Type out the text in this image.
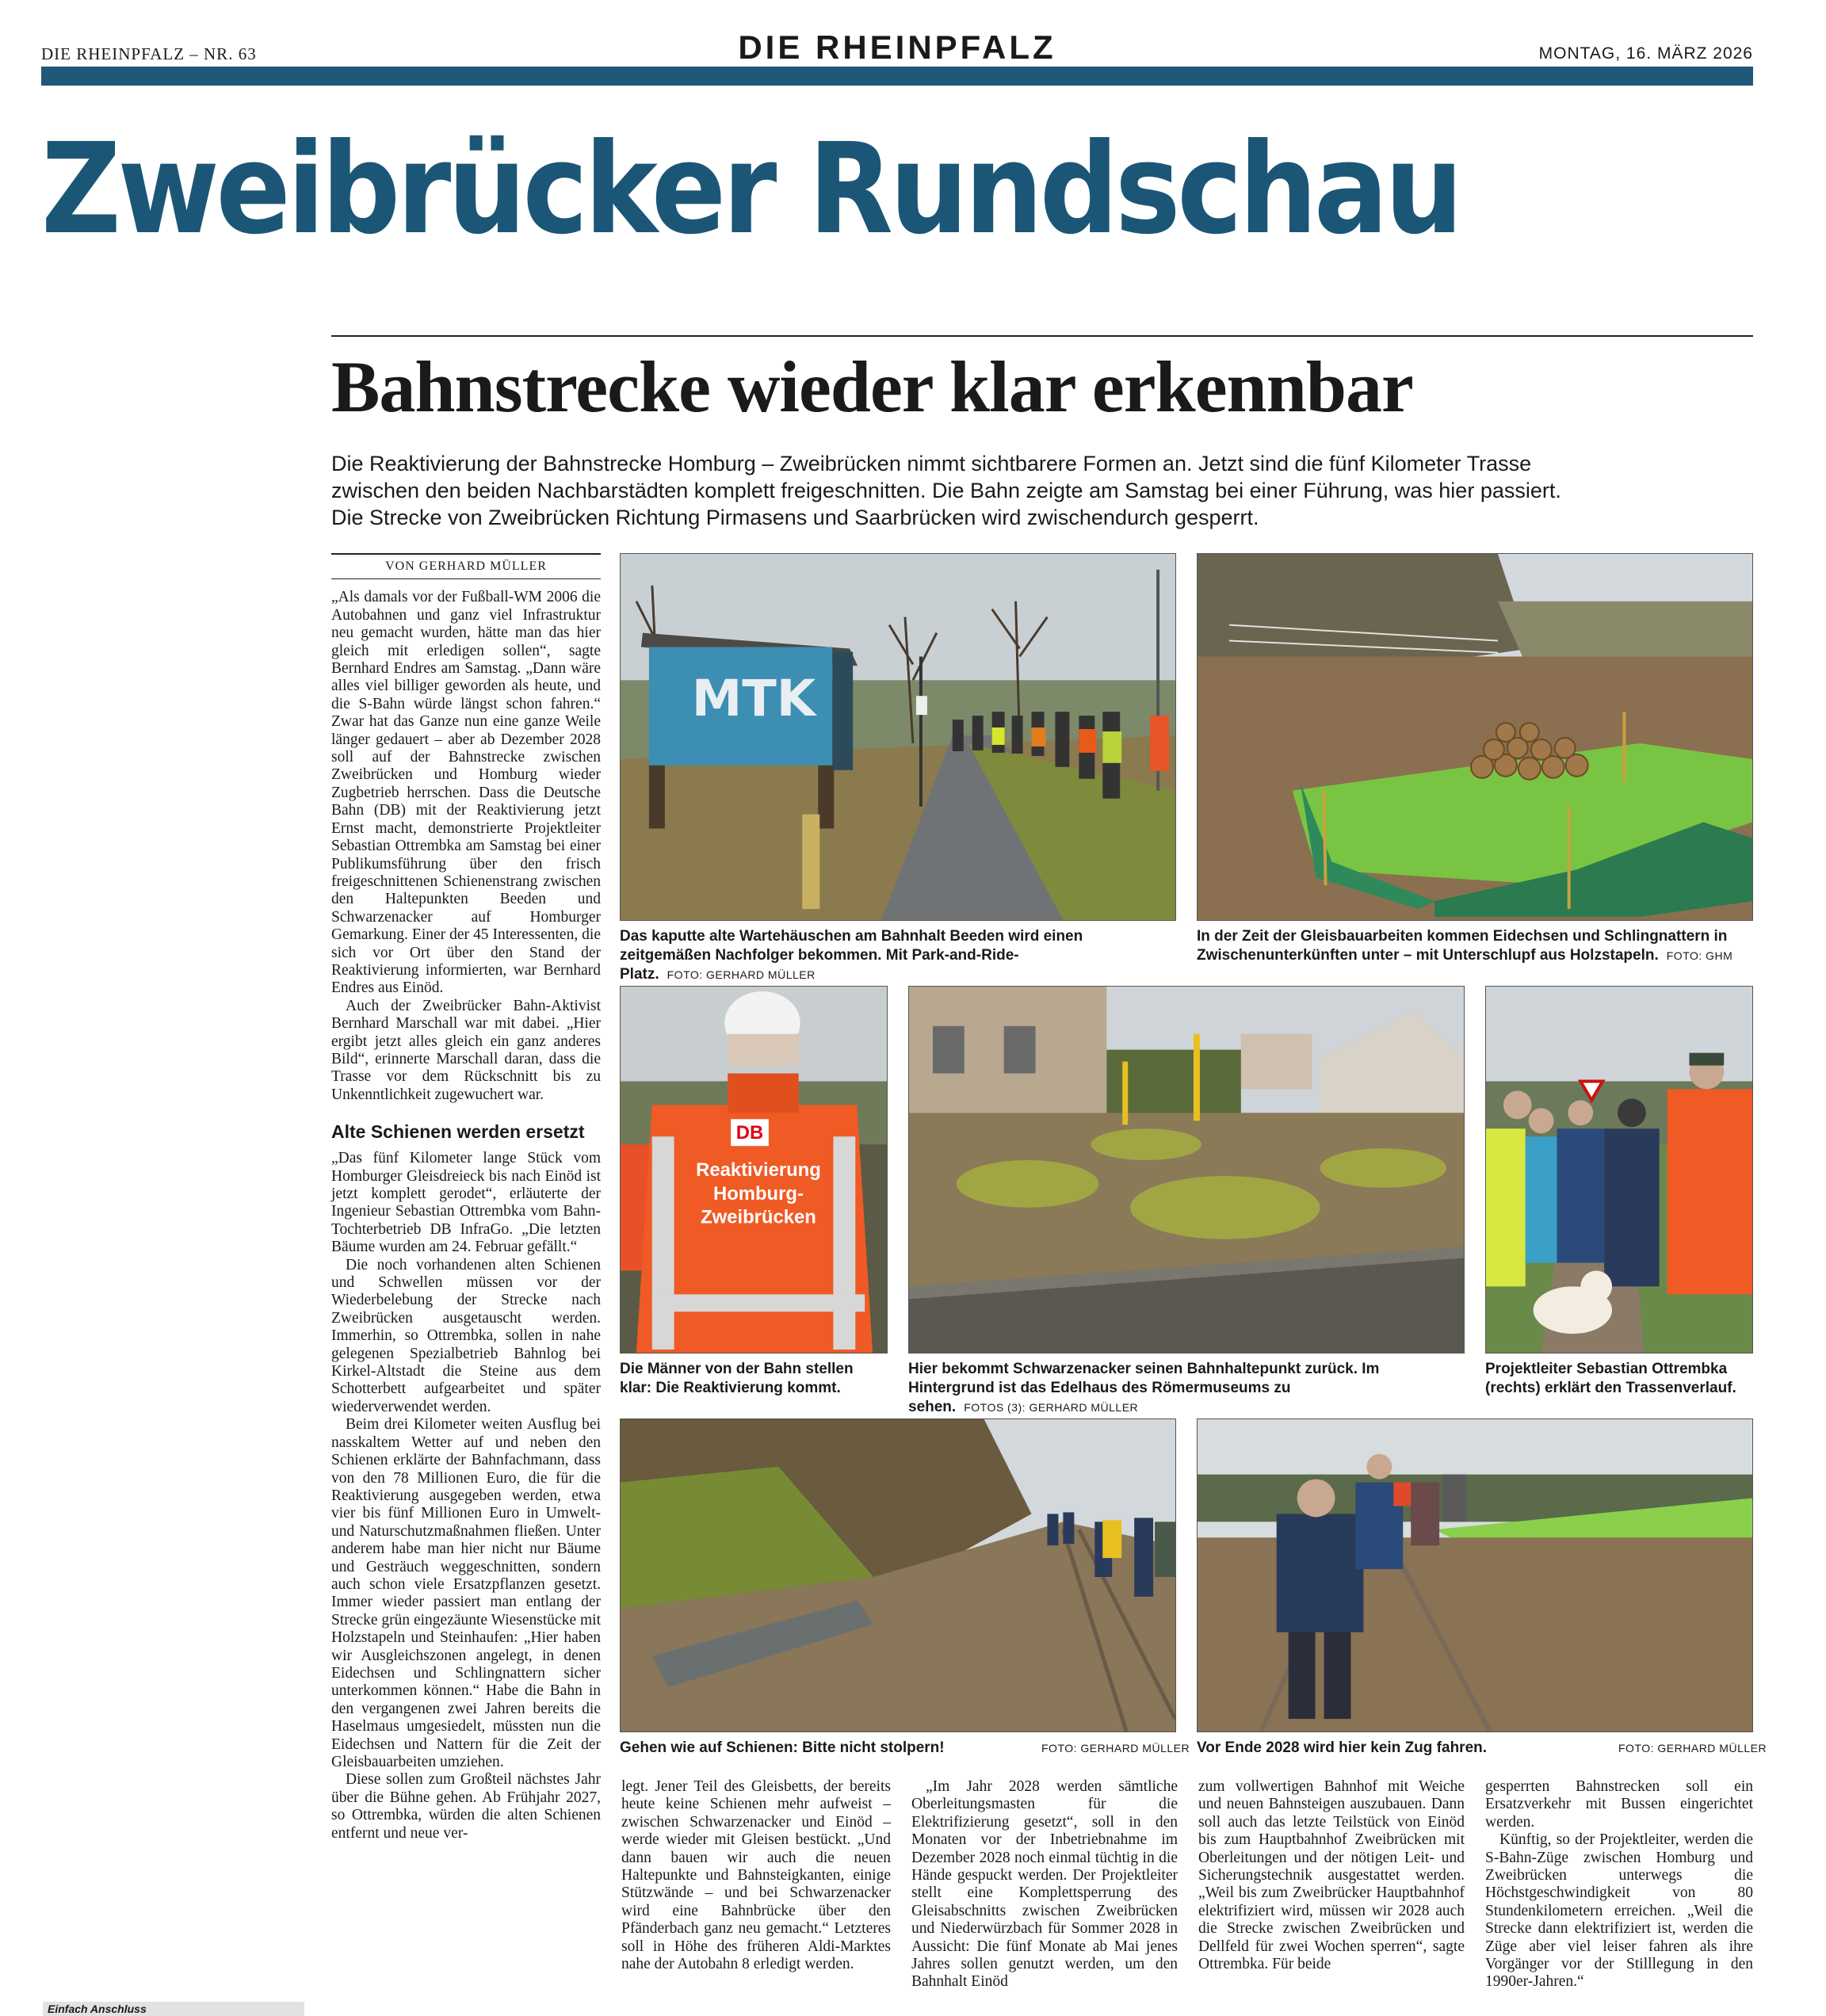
DIE RHEINPFALZ – NR. 63	DIE RHEINPFALZ	MONTAG, 16. MÄRZ 2026
Zweibrücker Rundschau
Bahnstrecke wieder klar erkennbar

Die Reaktivierung der Bahnstrecke Homburg – Zweibrücken nimmt sichtbarere Formen an. Jetzt sind die fünf Kilometer Trasse zwischen den beiden Nachbarstädten komplett freigeschnitten. Die Bahn zeigte am Samstag bei einer Führung, was hier passiert. Die Strecke von Zweibrücken Richtung Pirmasens und Saarbrücken wird zwischendurch gesperrt.

VON GERHARD MÜLLER

„Als damals vor der Fußball-WM 2006 die Autobahnen und ganz viel Infrastruktur neu gemacht wurden, hätte man das hier gleich mit erledigen sollen“, sagte Bernhard Endres am Samstag. „Dann wäre alles viel billiger geworden als heute, und die S-Bahn würde längst schon fahren.“ Zwar hat das Ganze nun eine ganze Weile länger gedauert – aber ab Dezember 2028 soll auf der Bahnstrecke zwischen Zweibrücken und Homburg wieder Zugbetrieb herrschen. Dass die Deutsche Bahn (DB) mit der Reaktivierung jetzt Ernst macht, demonstrierte Projektleiter Sebastian Ottrembka am Samstag bei einer Publikumsführung über den frisch freigeschnittenen Schienenstrang zwischen den Haltepunkten Beeden und Schwarzenacker auf Homburger Gemarkung. Einer der 45 Interessenten, die sich vor Ort über den Stand der Reaktivierung informierten, war Bernhard Endres aus Einöd.

Auch der Zweibrücker Bahn-Aktivist Bernhard Marschall war mit dabei. „Hier ergibt jetzt alles gleich ein ganz anderes Bild“, erinnerte Marschall daran, dass die Trasse vor dem Rückschnitt bis zu Unkenntlichkeit zugewuchert war.

Alte Schienen werden ersetzt

„Das fünf Kilometer lange Stück vom Homburger Gleisdreieck bis nach Einöd ist jetzt komplett gerodet“, erläuterte der Ingenieur Sebastian Ottrembka vom Bahn-Tochterbetrieb DB InfraGo. „Die letzten Bäume wurden am 24. Februar gefällt.“

Die noch vorhandenen alten Schienen und Schwellen müssen vor der Wiederbelebung der Strecke nach Zweibrücken ausgetauscht werden. Immerhin, so Ottrembka, sollen in nahe gelegenen Spezialbetrieb Bahnlog bei Kirkel-Altstadt die Steine aus dem Schotterbett aufgearbeitet und später wiederverwendet werden.

Beim drei Kilometer weiten Ausflug bei nasskaltem Wetter auf und neben den Schienen erklärte der Bahnfachmann, dass von den 78 Millionen Euro, die für die Reaktivierung ausgegeben werden, etwa vier bis fünf Millionen Euro in Umwelt- und Naturschutzmaßnahmen fließen. Unter anderem habe man hier nicht nur Bäume und Gesträuch weggeschnitten, sondern auch schon viele Ersatzpflanzen gesetzt. Immer wieder passiert man entlang der Strecke grün eingezäunte Wiesenstücke mit Holzstapeln und Steinhaufen: „Hier haben wir Ausgleichszonen angelegt, in denen Eidechsen und Schlingnattern sicher unterkommen können.“ Habe die Bahn in den vergangenen zwei Jahren bereits die Haselmaus umgesiedelt, müssten nun die Eidechsen und Nattern für die Zeit der Gleisbauarbeiten umziehen.

Diese sollen zum Großteil nächstes Jahr über die Bühne gehen. Ab Frühjahr 2027, so Ottrembka, würden die alten Schienen entfernt und neue ver-

legt. Jener Teil des Gleisbetts, der bereits heute keine Schienen mehr aufweist – zwischen Schwarzenacker und Einöd – werde wieder mit Gleisen bestückt. „Und dann bauen wir auch die neuen Haltepunkte und Bahnsteigkanten, einige Stützwände – und bei Schwarzenacker wird eine Bahnbrücke über den Pfänderbach ganz neu gemacht.“ Letzteres soll in Höhe des früheren Aldi-Marktes nahe der Autobahn 8 erledigt werden.

„Im Jahr 2028 werden sämtliche Oberleitungsmasten für die Elektrifizierung gesetzt“, soll in den Monaten vor der Inbetriebnahme im Dezember 2028 noch einmal tüchtig in die Hände gespuckt werden. Der Projektleiter stellt eine Komplettsperrung des Gleisabschnitts zwischen Zweibrücken und Niederwürzbach für Sommer 2028 in Aussicht: Die fünf Monate ab Mai jenes Jahres sollen genutzt werden, um den Bahnhalt Einöd

zum vollwertigen Bahnhof mit Weiche und neuen Bahnsteigen auszubauen. Dann soll auch das letzte Teilstück von Einöd bis zum Hauptbahnhof Zweibrücken mit Oberleitungen und der nötigen Leit- und Sicherungstechnik ausgestattet werden. „Weil bis zum Zweibrücker Hauptbahnhof elektrifiziert wird, müssen wir 2028 auch die Strecke zwischen Zweibrücken und Dellfeld für zwei Wochen sperren“, sagte Ottrembka. Für beide

gesperrten Bahnstrecken soll ein Ersatzverkehr mit Bussen eingerichtet werden.

Künftig, so der Projektleiter, werden die S-Bahn-Züge zwischen Homburg und Zweibrücken unterwegs die Höchstgeschwindigkeit von 80 Stundenkilometern erreichen. „Weil die Strecke dann elektrifiziert ist, werden die Züge aber viel leiser fahren als ihre Vorgänger vor der Stilllegung in den 1990er-Jahren.“

MTK
Das kaputte alte Wartehäuschen am Bahnhalt Beeden wird einen zeitgemäßen Nachfolger bekommen. Mit Park-and-Ride-Platz. FOTO: GERHARD MÜLLER
In der Zeit der Gleisbauarbeiten kommen Eidechsen und Schlingnattern in Zwischenunterkünften unter – mit Unterschlupf aus Holzstapeln. FOTO: GHM
DB
Reaktivierung
Homburg-
Zweibrücken
Die Männer von der Bahn stellen klar: Die Reaktivierung kommt.
Hier bekommt Schwarzenacker seinen Bahnhaltepunkt zurück. Im Hintergrund ist das Edelhaus des Römermuseums zu sehen. FOTOS (3): GERHARD MÜLLER
Projektleiter Sebastian Ottrembka (rechts) erklärt den Trassenverlauf.
Gehen wie auf Schienen: Bitte nicht stolpern!	FOTO: GERHARD MÜLLER Vor Ende 2028 wird hier kein Zug fahren.	FOTO: GERHARD MÜLLER
Einfach Anschluss
